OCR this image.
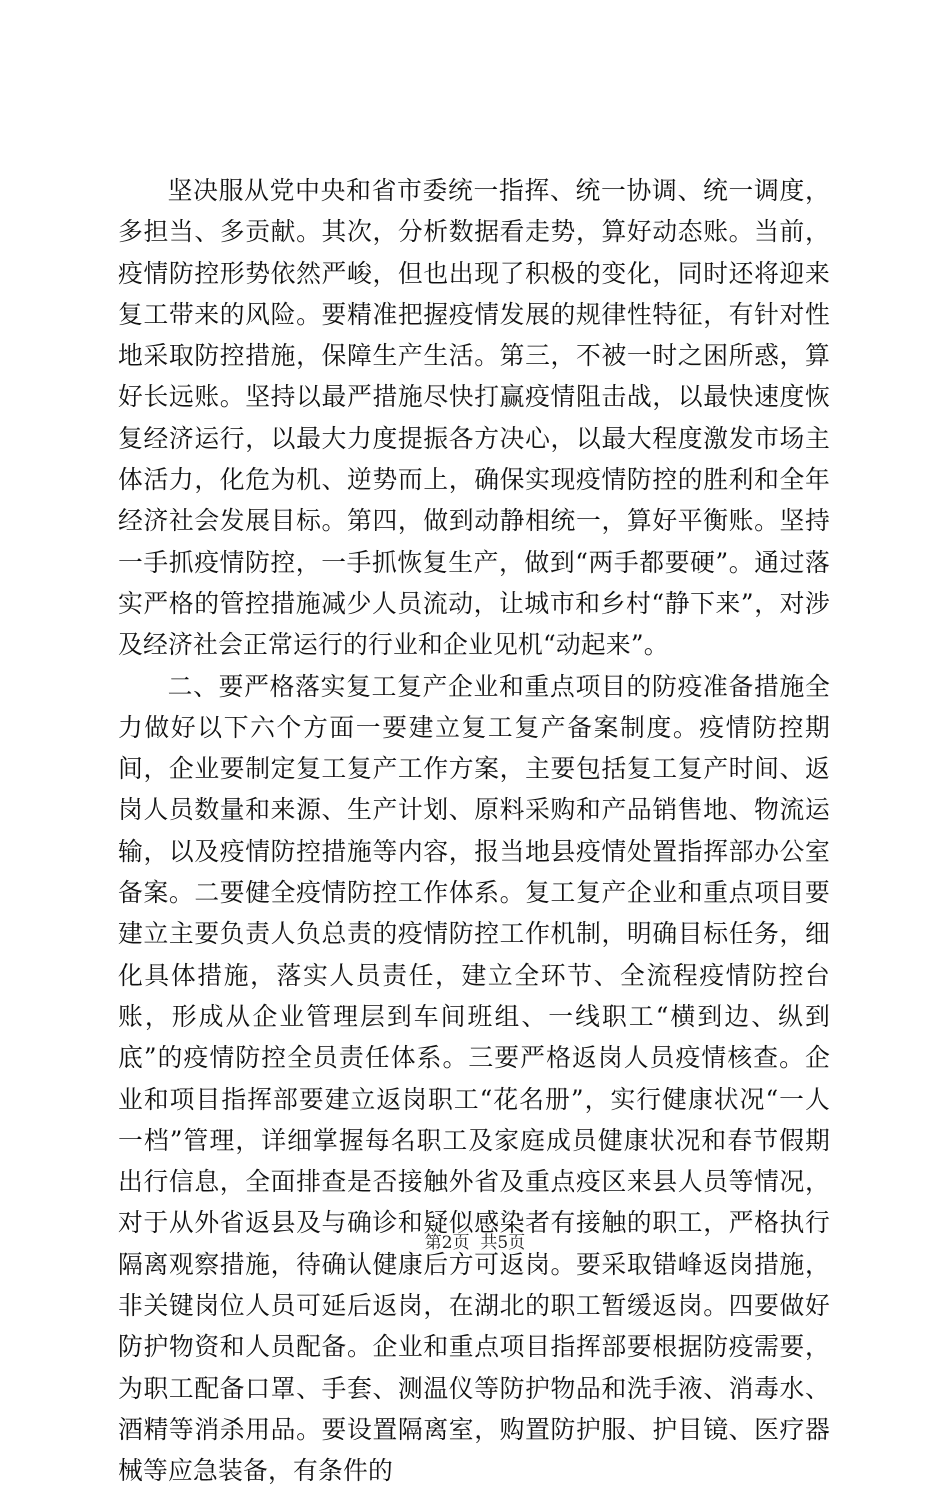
坚决服从党中央和省市委统一指挥、统一协调、统一调度，多担当、多贡献。其次，分析数据看走势，算好动态账。当前，疫情防控形势依然严峻，但也出现了积极的变化，同时还将迎来复工带来的风险。要精准把握疫情发展的规律性特征，有针对性地采取防控措施，保障生产生活。第三，不被一时之困所惑，算好长远账。坚持以最严措施尽快打赢疫情阻击战，以最快速度恢复经济运行，以最大力度提振各方决心，以最大程度激发市场主体活力，化危为机、逆势而上，确保实现疫情防控的胜利和全年经济社会发展目标。第四，做到动静相统一，算好平衡账。坚持一手抓疫情防控，一手抓恢复生产，做到“两手都要硬”。通过落实严格的管控措施减少人员流动，让城市和乡村“静下来”，对涉及经济社会正常运行的行业和企业见机“动起来”。

二、要严格落实复工复产企业和重点项目的防疫准备措施全力做好以下六个方面一要建立复工复产备案制度。疫情防控期间，企业要制定复工复产工作方案，主要包括复工复产时间、返岗人员数量和来源、生产计划、原料采购和产品销售地、物流运输，以及疫情防控措施等内容，报当地县疫情处置指挥部办公室备案。二要健全疫情防控工作体系。复工复产企业和重点项目要建立主要负责人负总责的疫情防控工作机制，明确目标任务，细化具体措施，落实人员责任，建立全环节、全流程疫情防控台账，形成从企业管理层到车间班组、一线职工“横到边、纵到底”的疫情防控全员责任体系。三要严格返岗人员疫情核查。企业和项目指挥部要建立返岗职工“花名册”，实行健康状况“一人一档”管理，详细掌握每名职工及家庭成员健康状况和春节假期出行信息，全面排查是否接触外省及重点疫区来县人员等情况，对于从外省返县及与确诊和疑似感染者有接触的职工，严格执行隔离观察措施，待确认健康后方可返岗。要采取错峰返岗措施，非关键岗位人员可延后返岗，在湖北的职工暂缓返岗。四要做好防护物资和人员配备。企业和重点项目指挥部要根据防疫需要，为职工配备口罩、手套、测温仪等防护物品和洗手液、消毒水、酒精等消杀用品。要设置隔离室，购置防护服、护目镜、医疗器械等应急装备，有条件的

第2页  共5页
